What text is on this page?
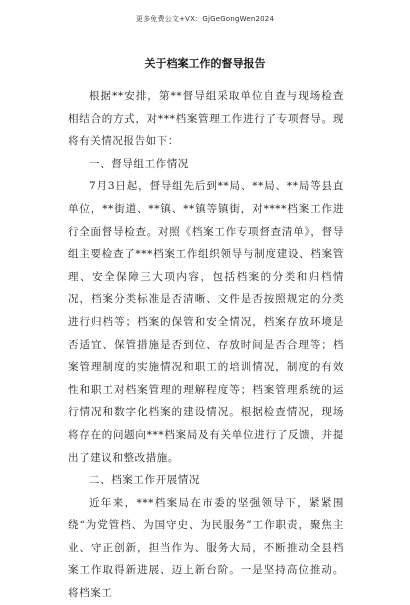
更多免费公文+VX：GjGeGongWen2024
关于档案工作的督导报告

根据**安排，第**督导组采取单位自查与现场检查相结合的方式，对***档案管理工作进行了专项督导。现将有关情况报告如下：

一、督导组工作情况

7月3日起，督导组先后到**局、**局、**局等县直单位，**街道、**镇、**镇等镇街，对****档案工作进行全面督导检查。对照《档案工作专项督查清单》，督导组主要检查了***档案工作组织领导与制度建设、档案管理、安全保障三大项内容，包括档案的分类和归档情况，档案分类标准是否清晰、文件是否按照规定的分类进行归档等；档案的保管和安全情况，档案存放环境是否适宜、保管措施是否到位、存放时间是否合理等；档案管理制度的实施情况和职工的培训情况，制度的有效性和职工对档案管理的理解程度等；档案管理系统的运行情况和数字化档案的建设情况。根据检查情况，现场将存在的问题向***档案局及有关单位进行了反馈，并提出了建议和整改措施。

二、档案工作开展情况

近年来，***档案局在市委的坚强领导下，紧紧围绕“为党管档、为国守史、为民服务”工作职责，聚焦主业、守正创新，担当作为、服务大局，不断推动全县档案工作取得新进展、迈上新台阶。一是坚持高位推动。将档案工
